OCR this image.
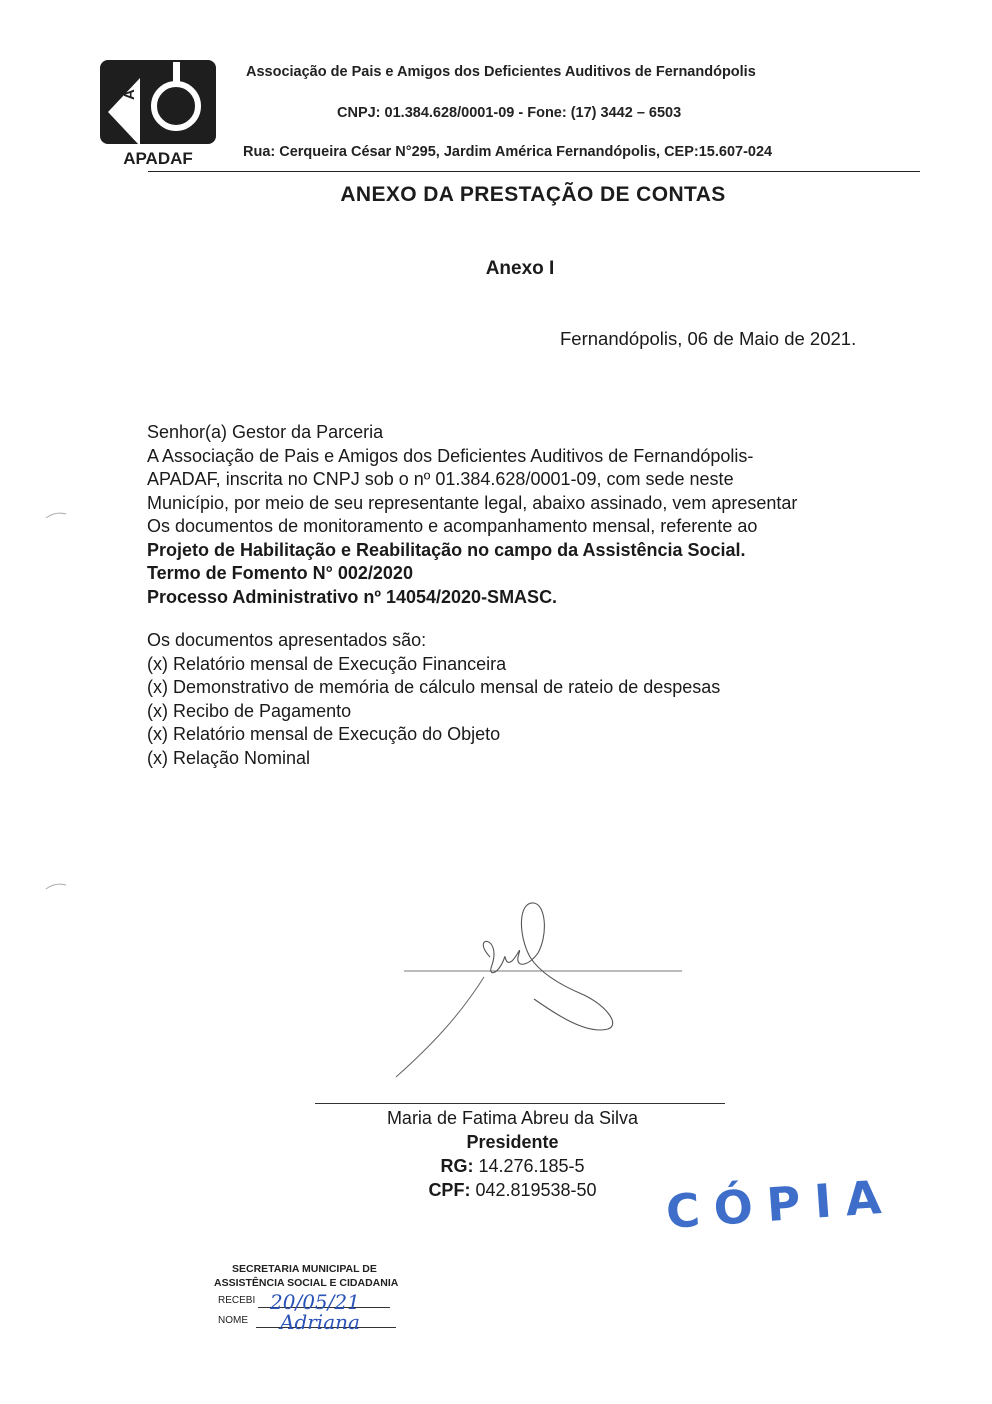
A
APADAF
Associação de Pais e Amigos dos Deficientes Auditivos de Fernandópolis
CNPJ: 01.384.628/0001-09 - Fone: (17) 3442 – 6503
Rua: Cerqueira César N°295, Jardim América Fernandópolis, CEP:15.607-024
ANEXO DA PRESTAÇÃO DE CONTAS
Anexo I
Fernandópolis, 06 de Maio de 2021.

Senhor(a) Gestor da Parceria

A Associação de Pais e Amigos dos Deficientes Auditivos de Fernandópolis-

APADAF, inscrita no CNPJ sob o nº 01.384.628/0001-09, com sede neste

Município, por meio de seu representante legal, abaixo assinado, vem apresentar

Os documentos de monitoramento e acompanhamento mensal, referente ao

Projeto de Habilitação e Reabilitação no campo da Assistência Social.

Termo de Fomento N° 002/2020

Processo Administrativo nº 14054/2020-SMASC.

Os documentos apresentados são:

(x) Relatório mensal de Execução Financeira

(x) Demonstrativo de memória de cálculo mensal de rateio de despesas

(x) Recibo de Pagamento

(x) Relatório mensal de Execução do Objeto

(x) Relação Nominal

Maria de Fatima Abreu da Silva

Presidente

RG: 14.276.185-5

CPF: 042.819538-50	CÓPIA
SECRETARIA MUNICIPAL DE
ASSISTÊNCIA SOCIAL E CIDADANIA
RECEBI 20/05/21
NOME Adriana
